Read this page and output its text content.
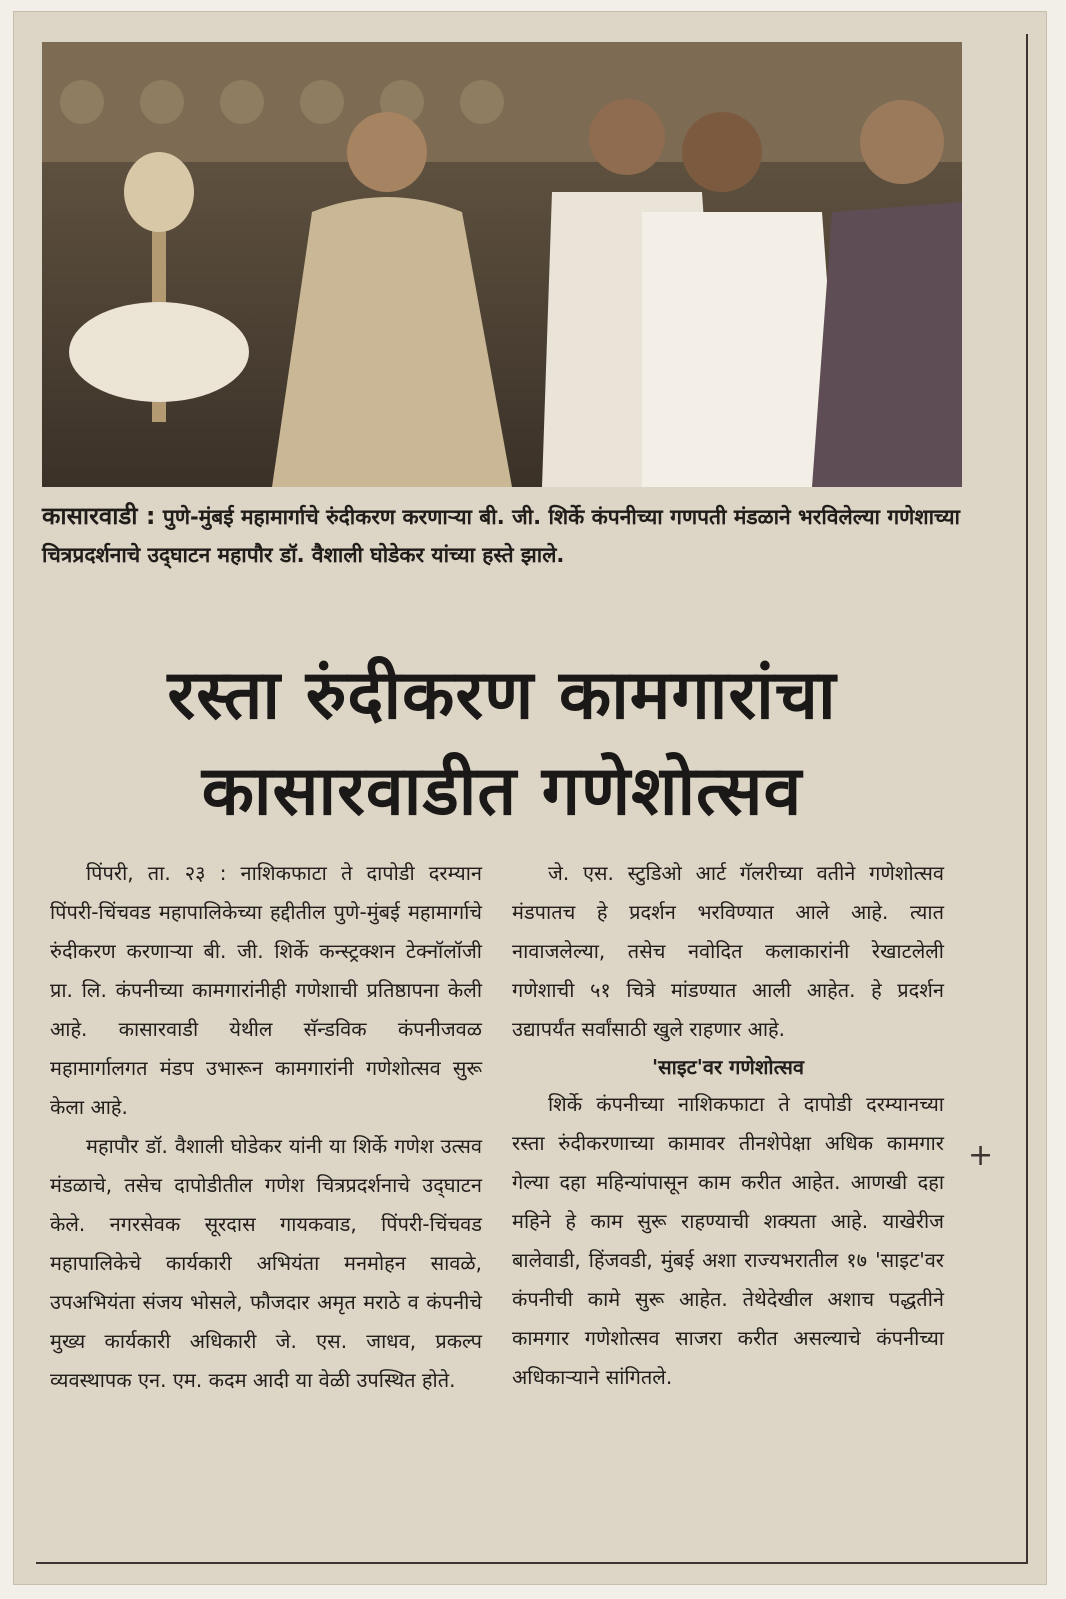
कासारवाडी : पुणे-मुंबई महामार्गाचे रुंदीकरण करणाऱ्या बी. जी. शिर्के कंपनीच्या गणपती मंडळाने भरविलेल्या गणेशाच्या चित्रप्रदर्शनाचे उद्‌घाटन महापौर डॉ. वैशाली घोडेकर यांच्या हस्ते झाले.
रस्ता रुंदीकरण कामगारांचा
कासारवाडीत गणेशोत्सव

पिंपरी, ता. २३ : नाशिकफाटा ते दापोडी दरम्यान पिंपरी-चिंचवड महापालिकेच्या हद्दीतील पुणे-मुंबई महामार्गाचे रुंदीकरण करणाऱ्या बी. जी. शिर्के कन्स्ट्रक्शन टेक्नॉलॉजी प्रा. लि. कंपनीच्या कामगारांनीही गणेशाची प्रतिष्ठापना केली आहे. कासारवाडी येथील सॅन्डविक कंपनीजवळ महामार्गालगत मंडप उभारून कामगारांनी गणेशोत्सव सुरू केला आहे.

महापौर डॉ. वैशाली घोडेकर यांनी या शिर्के गणेश उत्सव मंडळाचे, तसेच दापोडीतील गणेश चित्रप्रदर्शनाचे उद्‌घाटन केले. नगरसेवक सूरदास गायकवाड, पिंपरी-चिंचवड महापालिकेचे कार्यकारी अभियंता मनमोहन सावळे, उपअभियंता संजय भोसले, फौजदार अमृत मराठे व कंपनीचे मुख्य कार्यकारी अधिकारी जे. एस. जाधव, प्रकल्प व्यवस्थापक एन. एम. कदम आदी या वेळी उपस्थित होते.

जे. एस. स्टुडिओ आर्ट गॅलरीच्या वतीने गणेशोत्सव मंडपातच हे प्रदर्शन भरविण्यात आले आहे. त्यात नावाजलेल्या, तसेच नवोदित कलाकारांनी रेखाटलेली गणेशाची ५१ चित्रे मांडण्यात आली आहेत. हे प्रदर्शन उद्यापर्यंत सर्वांसाठी खुले राहणार आहे.

'साइट'वर गणेशोत्सव

शिर्के कंपनीच्या नाशिकफाटा ते दापोडी दरम्यानच्या रस्ता रुंदीकरणाच्या कामावर तीनशेपेक्षा अधिक कामगार गेल्या दहा महिन्यांपासून काम करीत आहेत. आणखी दहा महिने हे काम सुरू राहण्याची शक्यता आहे. याखेरीज बालेवाडी, हिंजवडी, मुंबई अशा राज्यभरातील १७ 'साइट'वर कंपनीची कामे सुरू आहेत. तेथेदेखील अशाच पद्धतीने कामगार गणेशोत्सव साजरा करीत असल्याचे कंपनीच्या अधिकाऱ्याने सांगितले.

+
